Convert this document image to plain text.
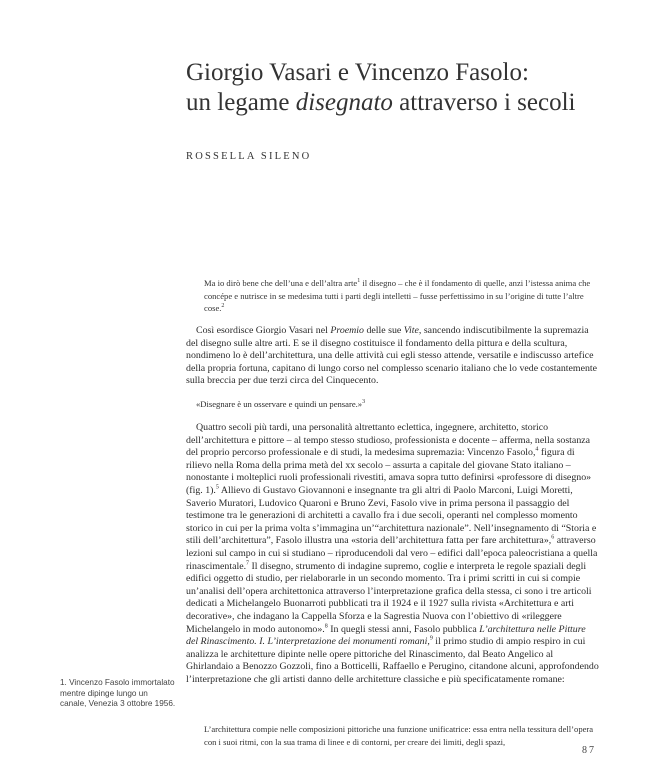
Giorgio Vasari e Vincenzo Fasolo:
un legame disegnato attraverso i secoli
ROSSELLA SILENO

Ma io dirò bene che dell’una e dell’altra arte$^1$ il disegno – che è il fondamento di quelle, anzi l’istessa anima che concépe e nutrisce in se medesima tutti i parti degli intelletti – fusse perfettissimo in su l’origine di tutte l’altre cose.$^2$

Così esordisce Giorgio Vasari nel Proemio delle sue Vite, sancendo indiscutibilmente la supremazia del disegno sulle altre arti. E se il disegno costituisce il fondamento della pittura e della scultura, nondimeno lo è dell’architettura, una delle attività cui egli stesso attende, versatile e indiscusso artefice della propria fortuna, capitano di lungo corso nel complesso scenario italiano che lo vede costantemente sulla breccia per due terzi circa del Cinquecento.

«Disegnare è un osservare e quindi un pensare.»$^3$

Quattro secoli più tardi, una personalità altrettanto eclettica, ingegnere, architetto, storico dell’architettura e pittore – al tempo stesso studioso, professionista e docente – afferma, nella sostanza del proprio percorso professionale e di studi, la medesima supremazia: Vincenzo Fasolo,$^4$ figura di rilievo nella Roma della prima metà del xx secolo – assurta a capitale del giovane Stato italiano – nonostante i molteplici ruoli professionali rivestiti, amava sopra tutto definirsi «professore di disegno» (fig. 1).$^5$ Allievo di Gustavo Giovannoni e insegnante tra gli altri di Paolo Marconi, Luigi Moretti, Saverio Muratori, Ludovico Quaroni e Bruno Zevi, Fasolo vive in prima persona il passaggio del testimone tra le generazioni di architetti a cavallo fra i due secoli, operanti nel complesso momento storico in cui per la prima volta s’immagina un’“architettura nazionale”. Nell’insegnamento di “Storia e stili dell’architettura”, Fasolo illustra una «storia dell’architettura fatta per fare architettura»,$^6$ attraverso lezioni sul campo in cui si studiano – riproducendoli dal vero – edifici dall’epoca paleocristiana a quella rinascimentale.$^7$ Il disegno, strumento di indagine supremo, coglie e interpreta le regole spaziali degli edifici oggetto di studio, per rielaborarle in un secondo momento. Tra i primi scritti in cui si compie un’analisi dell’opera architettonica attraverso l’interpretazione grafica della stessa, ci sono i tre articoli dedicati a Michelangelo Buonarroti pubblicati tra il 1924 e il 1927 sulla rivista «Architettura e arti decorative», che indagano la Cappella Sforza e la Sagrestia Nuova con l’obiettivo di «rileggere Michelangelo in modo autonomo».$^8$ In quegli stessi anni, Fasolo pubblica L’architettura nelle Pitture del Rinascimento. I. L’interpretazione dei monumenti romani,$^9$ il primo studio di ampio respiro in cui analizza le architetture dipinte nelle opere pittoriche del Rinascimento, dal Beato Angelico al Ghirlandaio a Benozzo Gozzoli, fino a Botticelli, Raffaello e Perugino, citandone alcuni, approfondendo l’interpretazione che gli artisti danno delle architetture classiche e più specificatamente romane:

L’architettura compie nelle composizioni pittoriche una funzione unificatrice: essa entra nella tessitura dell’opera con i suoi ritmi, con la sua trama di linee e di contorni, per creare dei limiti, degli spazi,

1. Vincenzo Fasolo immortalato mentre dipinge lungo un canale, Venezia 3 ottobre 1956.

87
